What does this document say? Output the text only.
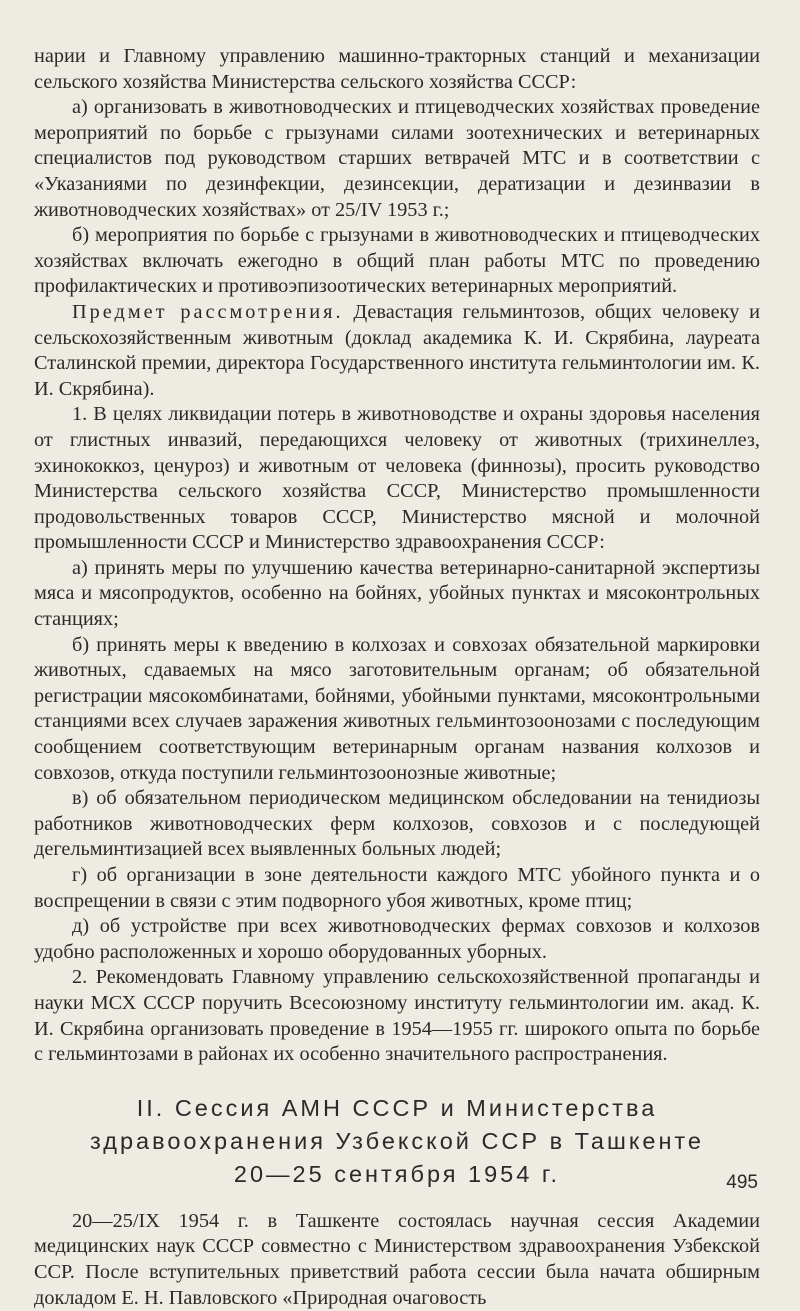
нарии и Главному управлению машинно-тракторных станций и механизации сельского хозяйства Министерства сельского хозяйства СССР:

а) организовать в животноводческих и птицеводческих хозяйствах проведение мероприятий по борьбе с грызунами силами зоотехнических и ветеринарных специалистов под руководством старших ветврачей МТС и в соответствии с «Указаниями по дезинфекции, дезинсекции, дератизации и дезинвазии в животноводческих хозяйствах» от 25/IV 1953 г.;

б) мероприятия по борьбе с грызунами в животноводческих и птицеводческих хозяйствах включать ежегодно в общий план работы МТС по проведению профилактических и противоэпизоотических ветеринарных мероприятий.

Предмет рассмотрения. Девастация гельминтозов, общих человеку и сельскохозяйственным животным (доклад академика К. И. Скрябина, лауреата Сталинской премии, директора Государственного института гельминтологии им. К. И. Скрябина).

1. В целях ликвидации потерь в животноводстве и охраны здоровья населения от глистных инвазий, передающихся человеку от животных (трихинеллез, эхинококкоз, ценуроз) и животным от человека (финнозы), просить руководство Министерства сельского хозяйства СССР, Министерство промышленности продовольственных товаров СССР, Министерство мясной и молочной промышленности СССР и Министерство здравоохранения СССР:

а) принять меры по улучшению качества ветеринарно-санитарной экспертизы мяса и мясопродуктов, особенно на бойнях, убойных пунктах и мясоконтрольных станциях;

б) принять меры к введению в колхозах и совхозах обязательной маркировки животных, сдаваемых на мясо заготовительным органам; об обязательной регистрации мясокомбинатами, бойнями, убойными пунктами, мясоконтрольными станциями всех случаев заражения животных гельминтозоонозами с последующим сообщением соответствующим ветеринарным органам названия колхозов и совхозов, откуда поступили гельминтозоонозные животные;

в) об обязательном периодическом медицинском обследовании на тенидиозы работников животноводческих ферм колхозов, совхозов и с последующей дегельминтизацией всех выявленных больных людей;

г) об организации в зоне деятельности каждого МТС убойного пункта и о воспрещении в связи с этим подворного убоя животных, кроме птиц;

д) об устройстве при всех животноводческих фермах совхозов и колхозов удобно расположенных и хорошо оборудованных уборных.

2. Рекомендовать Главному управлению сельскохозяйственной пропаганды и науки МСХ СССР поручить Всесоюзному институту гельминтологии им. акад. К. И. Скрябина организовать проведение в 1954—1955 гг. широкого опыта по борьбе с гельминтозами в районах их особенно значительного распространения.

II. Сессия АМН СССР и Министерства
здравоохранения Узбекской ССР в Ташкенте
20—25 сентября 1954 г.

20—25/IX 1954 г. в Ташкенте состоялась научная сессия Академии медицинских наук СССР совместно с Министерством здравоохранения Узбекской ССР. После вступительных приветствий работа сессии была начата обширным докладом Е. Н. Павловского «Природная очаговость

495
